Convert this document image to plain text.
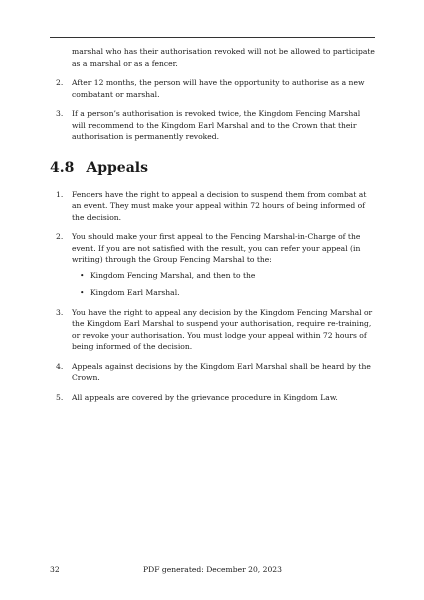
marshal who has their authorisation revoked will not be allowed to participate as a marshal or as a fencer.

2. After 12 months, the person will have the opportunity to authorise as a new combatant or marshal.
3. If a person’s authorisation is revoked twice, the Kingdom Fencing Marshal will recommend to the Kingdom Earl Marshal and to the Crown that their authorisation is permanently revoked.
4.8 Appeals
1. Fencers have the right to appeal a decision to suspend them from combat at an event. They must make your appeal within 72 hours of being informed of the decision.
2. You should make your first appeal to the Fencing Marshal-in-Charge of the event. If you are not satisfied with the result, you can refer your appeal (in writing) through the Group Fencing Marshal to the:
• Kingdom Fencing Marshal, and then to the
• Kingdom Earl Marshal.
3. You have the right to appeal any decision by the Kingdom Fencing Marshal or the Kingdom Earl Marshal to suspend your authorisation, require re-training, or revoke your authorisation. You must lodge your appeal within 72 hours of being informed of the decision.
4. Appeals against decisions by the Kingdom Earl Marshal shall be heard by the Crown.
5. All appeals are covered by the grievance procedure in Kingdom Law.
32	PDF generated: December 20, 2023
